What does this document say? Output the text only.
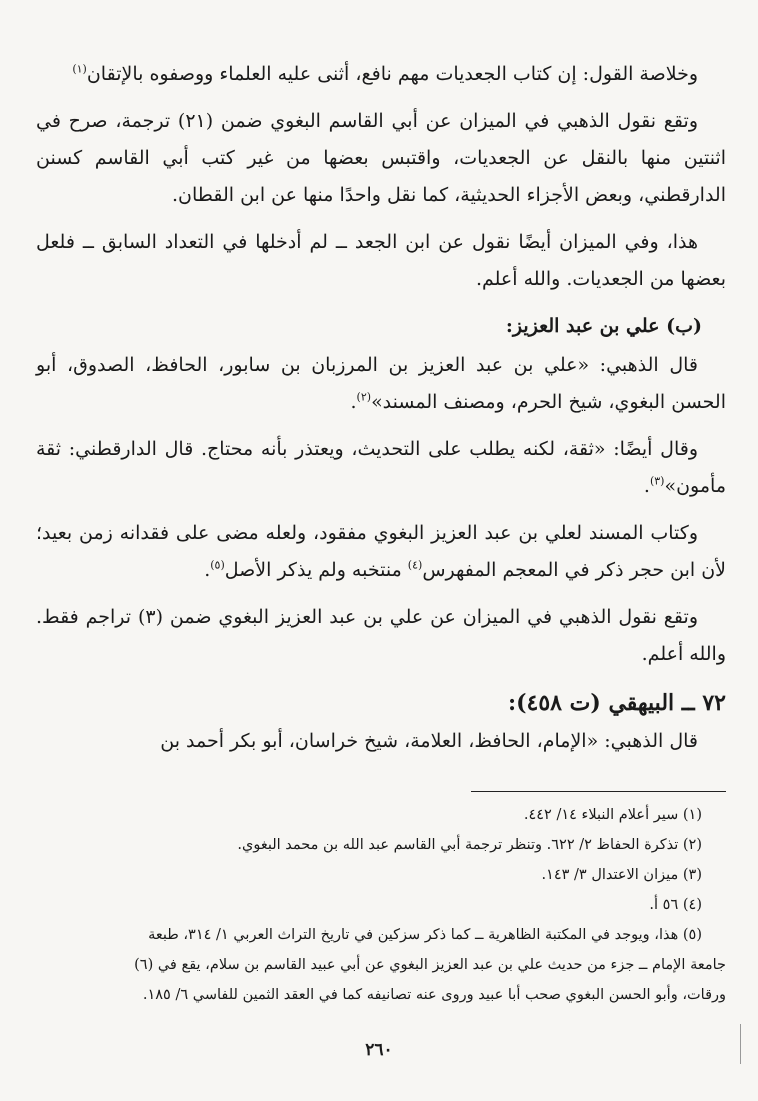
وخلاصة القول: إن كتاب الجعديات مهم نافع، أثنى عليه العلماء ووصفوه بالإتقان$^{(١)}$

وتقع نقول الذهبي في الميزان عن أبي القاسم البغوي ضمن (٢١) ترجمة، صرح في اثنتين منها بالنقل عن الجعديات، واقتبس بعضها من غير كتب أبي القاسم كسنن الدارقطني، وبعض الأجزاء الحديثية، كما نقل واحدًا منها عن ابن القطان.

هذا، وفي الميزان أيضًا نقول عن ابن الجعد ــ لم أدخلها في التعداد السابق ــ فلعل بعضها من الجعديات. والله أعلم.

(ب) علي بن عبد العزيز:

قال الذهبي: «علي بن عبد العزيز بن المرزبان بن سابور، الحافظ، الصدوق، أبو الحسن البغوي، شيخ الحرم، ومصنف المسند»$^{(٢)}$.

وقال أيضًا: «ثقة، لكنه يطلب على التحديث، ويعتذر بأنه محتاج. قال الدارقطني: ثقة مأمون»$^{(٣)}$.

وكتاب المسند لعلي بن عبد العزيز البغوي مفقود، ولعله مضى على فقدانه زمن بعيد؛ لأن ابن حجر ذكر في المعجم المفهرس$^{(٤)}$ منتخبه ولم يذكر الأصل$^{(٥)}$.

وتقع نقول الذهبي في الميزان عن علي بن عبد العزيز البغوي ضمن (٣) تراجم فقط. والله أعلم.

٧٢ ــ البيهقي (ت ٤٥٨):

قال الذهبي: «الإمام، الحافظ، العلامة، شيخ خراسان، أبو بكر أحمد بن

(١) سير أعلام النبلاء ١٤/ ٤٤٢.

(٢) تذكرة الحفاظ ٢/ ٦٢٢. وتنظر ترجمة أبي القاسم عبد الله بن محمد البغوي.

(٣) ميزان الاعتدال ٣/ ١٤٣.

(٤) ٥٦ أ.

(٥) هذا، ويوجد في المكتبة الظاهرية ــ كما ذكر سزكين في تاريخ التراث العربي ١/ ٣١٤، طبعة

جامعة الإمام ــ جزء من حديث علي بن عبد العزيز البغوي عن أبي عبيد القاسم بن سلام، يقع في (٦)

ورقات، وأبو الحسن البغوي صحب أبا عبيد وروى عنه تصانيفه كما في العقد الثمين للفاسي ٦/ ١٨٥.

٢٦٠
